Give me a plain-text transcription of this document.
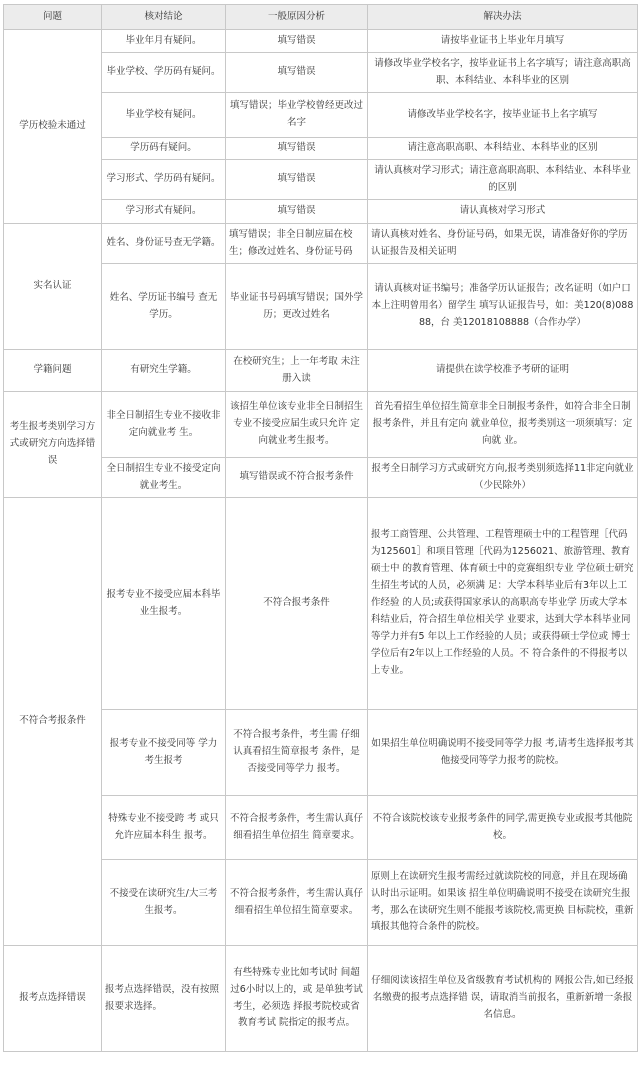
问题	核对结论	一般原因分析	解决办法
学历校验未通过	毕业年月有疑问。	填写错误	请按毕业证书上毕业年月填写
	毕业学校、学历码有疑问。	填写错误	请修改毕业学校名字，按毕业证书上名字填写；请注意高职高职、本科结业、本科毕业的区别
	毕业学校有疑问。	填写错误；毕业学校曾经更改过名字	请修改毕业学校名字，按毕业证书上名字填写
	学历码有疑问。	填写错误	请注意高职高职、本科结业、本科毕业的区别
	学习形式、学历码有疑问。	填写错误	请认真核对学习形式；请注意高职高职、本科结业、本科毕业的区别
	学习形式有疑问。	填写错误	请认真核对学习形式
实名认证	姓名、身份证号查无学籍。	填写错误；非全日制应届在校生；修改过姓名、身份证号码	请认真核对姓名、身份证号码，如果无误，请准备好你的学历认证报告及相关证明
	姓名、学历证书编号 查无学历。	毕业证书号码填写错误；国外学历；更改过姓名	请认真核对证书编号；准备学历认证报告；改名证明（如户口本上注明曾用名）留学生 填写认证报告号，如：美120(8)08888，台 美12018108888（合作办学）
学籍问题	有研究生学籍。	在校研究生；上一年考取 未注册入读	请提供在读学校准予考研的证明
考生报考类别学习方式或研究方向选择错误	非全日制招生专业不接收非定向就业考 生。	该招生单位该专业非全日制招生专业不接受应届生或只允许 定向就业考生报考。	首先看招生单位招生简章非全日制报考条件，如符合非全日制报考条件，并且有定向 就业单位，报考类别这一项须填写：定向就 业。
	全日制招生专业不接受定向就业考生。	填写错误或不符合报考条件	报考全日制学习方式或研究方向,报考类别须选择11非定向就业（少民除外）
不符合考报条件	报考专业不接受应届本科毕业生报考。	不符合报考条件	报考工商管理、公共管理、工程管理硕士中的工程管理［代码为125601］和项目管理［代码为1256021、旅游管理、教育硕士中 的教育管理、体育硕士中的竞赛组织专业 学位硕士研究生招生考试的人员，必须满 足：大学本科毕业后有3年以上工作经验 的人员;或获得国家承认的高职高专毕业学 历或大学本科结业后，符合招生单位相关学 业要求，达到大学本科毕业同等学力并有5 年以上工作经验的人员；或获得硕士学位或 博士学位后有2年以上工作经验的人员。不 符合条件的不得报考以上专业。
	报考专业不接受同等 学力考生报考	不符合报考条件，考生需 仔细认真看招生简章报考 条件，是否接受同等学力 报考。	如果招生单位明确说明不接受同等学力报 考,请考生选择报考其他接受同等学力报考的院校。
	特殊专业不接受跨 考 或只允许应届本科生 报考。	不符合报考条件，考生需认真仔细看招生单位招生 简章要求。	不符合该院校该专业报考条件的同学,需更换专业或报考其他院校。
	不接受在读研究生/大三考生报考。	不符合报考条件，考生需认真仔细看招生单位招生简章要求。	原则上在读研究生报考需经过就读院校的同意，并且在现场确认时出示证明。如果该 招生单位明确说明不接受在读研究生报考，那么在读研究生则不能报考该院校,需更换 目标院校，重新填报其他符合条件的院校。
报考点选择错误	报考点选择错误，没有按照报要求选择。	有些特殊专业比如考试时 间超过6小时以上的，或 是单独考试考生，必须选 择报考院校或省教育考试 院指定的报考点。	仔细阅读该招生单位及省级教育考试机构的 网报公告,如已经报名缴费的报考点选择错 误，请取消当前报名，重新新增一条报名信息。
